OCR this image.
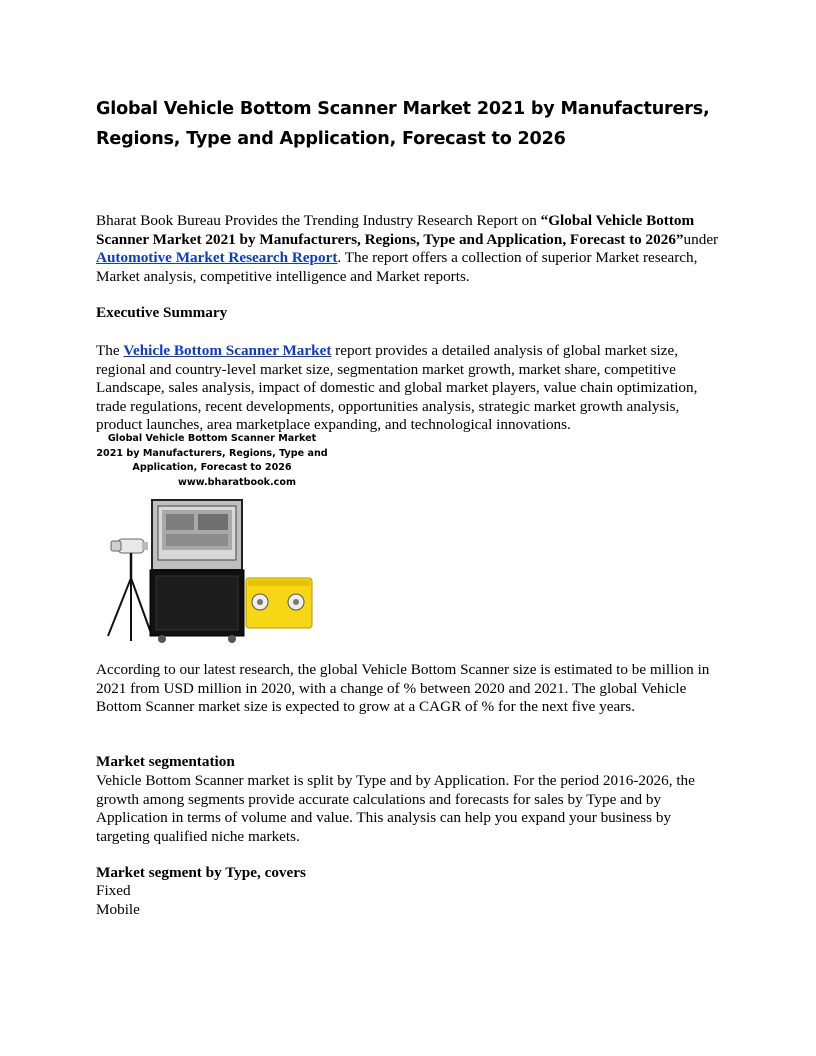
Global Vehicle Bottom Scanner Market 2021 by Manufacturers, Regions, Type and Application, Forecast to 2026

Bharat Book Bureau Provides the Trending Industry Research Report on “Global Vehicle Bottom Scanner Market 2021 by Manufacturers, Regions, Type and Application, Forecast to 2026”under Automotive Market Research Report. The report offers a collection of superior Market research, Market analysis, competitive intelligence and Market reports.

Executive Summary

The Vehicle Bottom Scanner Market report provides a detailed analysis of global market size, regional and country-level market size, segmentation market growth, market share, competitive Landscape, sales analysis, impact of domestic and global market players, value chain optimization, trade regulations, recent developments, opportunities analysis, strategic market growth analysis, product launches, area marketplace expanding, and technological innovations.

Global Vehicle Bottom Scanner Market
2021 by Manufacturers, Regions, Type and
Application, Forecast to 2026

www.bharatbook.com

According to our latest research, the global Vehicle Bottom Scanner size is estimated to be million in 2021 from USD million in 2020, with a change of % between 2020 and 2021. The global Vehicle Bottom Scanner market size is expected to grow at a CAGR of % for the next five years.

Market segmentation

Vehicle Bottom Scanner market is split by Type and by Application. For the period 2016-2026, the growth among segments provide accurate calculations and forecasts for sales by Type and by Application in terms of volume and value. This analysis can help you expand your business by targeting qualified niche markets.

Market segment by Type, covers

Fixed

Mobile
